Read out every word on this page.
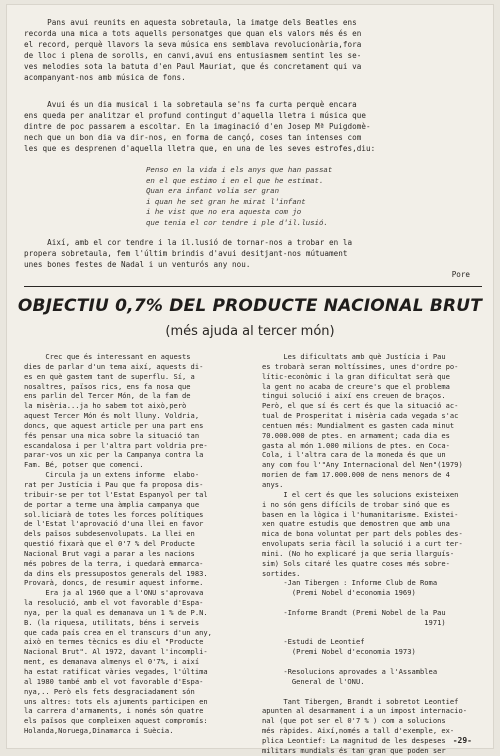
Pans avui reunits en aquesta sobretaula, la imatge dels Beatles ens
recorda una mica a tots aquells personatges que quan els valors més és en
el record, perquè llavors la seva música ens semblava revolucionària,fora
de lloc i plena de sorolls, en canvi,avui ens entusiasmem sentint les se-
ves melodies sota la batuta d'en Paul Mauriat, que és concretament qui va
acompanyant-nos amb música de fons.
Avui és un dia musical i la sobretaula se'ns fa curta perquè encara
ens queda per analitzar el profund contingut d'aquella lletra i música que
dintre de poc passarem a escoltar. En la imaginació d'en Josep Mª Puigdomè-
nech que un bon dia va dir-nos, en forma de cançó, coses tan intenses com
les que es desprenen d'aquella lletra que, en una de les seves estrofes,diu:
Penso en la vida i els anys que han passat
en el que estimo i en el que he estimat.
Quan era infant volia ser gran
i quan he set gran he mirat l'infant
i he vist que no era aquesta com jo
que tenia el cor tendre i ple d'il.lusió.
Així, amb el cor tendre i la il.lusió de tornar-nos a trobar en la
propera sobretaula, fem l'últim brindis d'avui desitjant-nos mútuament
unes bones festes de Nadal i un venturós any nou.
Pore
OBJECTIU 0,7% DEL PRODUCTE NACIONAL BRUT
(més ajuda al tercer món)
Crec que és interessant en aquests
dies de parlar d'un tema així, aquests di-
es en què gastem tant de superflu. Sí, a
nosaltres, països rics, ens fa nosa que
ens parlin del Tercer Món, de la fam de
la misèria...ja ho sabem tot això,però
aquest Tercer Món és molt lluny. Voldria,
doncs, que aquest article per una part ens
fés pensar una mica sobre la situació tan
escandalosa i per l'altra part voldria pre-
parar-vos un xic per la Campanya contra la
Fam. Bé, potser que comenci.
Circula ja un extens informe  elabo-
rat per Justícia i Pau que fa proposa dis-
tribuir-se per tot l'Estat Espanyol per tal
de portar a terme una àmplia campanya que
sol.liciarà de totes les forces polítiques
de l'Estat l'aprovació d'una llei en favor
dels països subdesenvolupats. La llei en
questió fixarà que el 0'7 % del Producte
Nacional Brut vagi a parar a les nacions
més pobres de la terra, i quedarà emmarca-
da dins els pressupostos generals del 1983.
Provarà, doncs, de resumir aquest informe.
Era ja al 1960 que a l'ONU s'aprovava
la resolució, amb el vot favorable d'Espa-
nya, per la qual es demanava un 1 % de P.N.
B. (la riquesa, utilitats, béns i serveis
que cada país crea en el transcurs d'un any,
això en termes tècnics es diu el "Producte
Nacional Brut". Al 1972, davant l'incompli-
ment, es demanava almenys el 0'7%, i així
ha estat ratificat vàries vegades, l'última
al 1980 també amb el vot favorable d'Espa-
nya,.. Però els fets desgraciadament són
uns altres: tots els ajuments participen en
la carrera d'armaments, i només són quatre
els països que compleixen aquest compromís:
Holanda,Noruega,Dinamarca i Suècia.
Les dificultats amb què Justícia i Pau
es trobarà seran moltíssimes, unes d'ordre po-
lític-econòmic i la gran dificultat serà que
la gent no acaba de creure's que el problema
tingui solució i així ens creuen de braços.
Però, el que sí és cert és que la situació ac-
tual de Prosperitat i misèria cada vegada s'ac
centuen més: Mundialment es gasten cada minut
70.000.000 de ptes. en armament; cada dia es
gasta al món 1.000 milions de ptes. en Coca-
Cola, i l'altra cara de la moneda és que un
any com fou l'"Any Internacional del Nen"(1979)
morien de fam 17.000.000 de nens menors de 4
anys.
I el cert és que les solucions existeixen
i no són gens difícils de trobar sinó que es
basen en la lògica i l'humanitarisme. Existei-
xen quatre estudis que demostren que amb una
mica de bona voluntat per part dels pobles des-
envolupats seria fàcil la solució i a curt ter-
mini. (No ho explicaré ja que seria llarguís-
sim) Sols citaré les quatre coses més sobre-
sortides.
-Jan Tibergen : Informe Club de Roma
(Premi Nobel d'economia 1969)

-Informe Brandt (Premi Nobel de la Pau
1971)

-Estudi de Leontief
(Premi Nobel d'economia 1973)

-Resolucions aprovades a l'Assamblea
General de l'ONU.

Tant Tibergen, Brandt i sobretot Leontief
apunten al desarmament i a un impost internacio-
nal (que pot ser el 0'7 % ) com a solucions
més ràpides. Així,només a tall d'exemple, ex-
plica Leontief: La magnitud de les despeses
militars mundials és tan gran que poden ser
-29-
